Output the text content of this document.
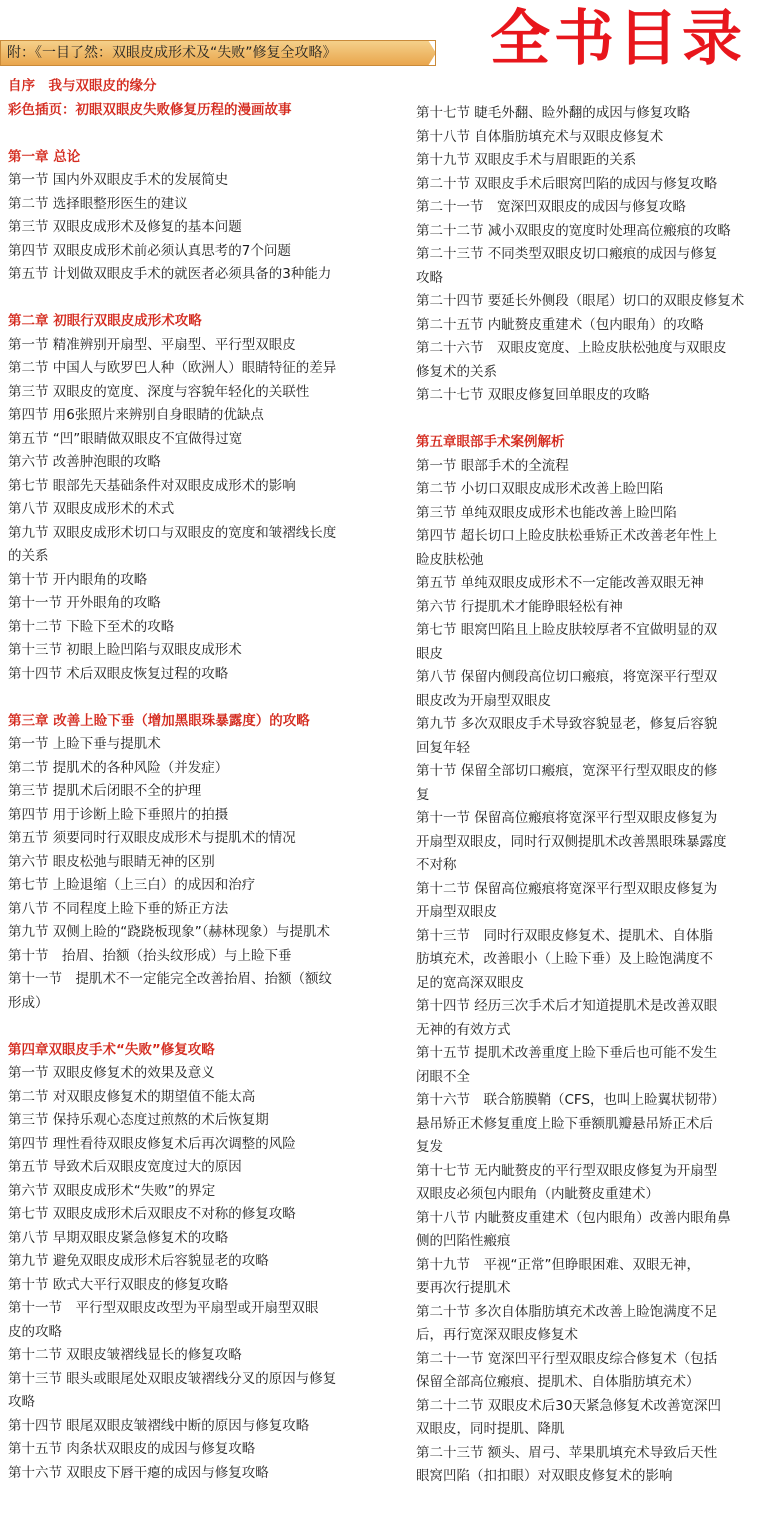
附：《一目了然：双眼皮成形术及“失败”修复全攻略》	全书目录
自序　我与双眼皮的缘分
彩色插页：初眼双眼皮失败修复历程的漫画故事
第一章 总论
第一节 国内外双眼皮手术的发展简史
第二节 选择眼整形医生的建议
第三节 双眼皮成形术及修复的基本问题
第四节 双眼皮成形术前必须认真思考的7个问题
第五节 计划做双眼皮手术的就医者必须具备的3种能力
第二章 初眼行双眼皮成形术攻略
第一节 精准辨别开扇型、平扇型、平行型双眼皮
第二节 中国人与欧罗巴人种（欧洲人）眼睛特征的差异
第三节 双眼皮的宽度、深度与容貌年轻化的关联性
第四节 用6张照片来辨别自身眼睛的优缺点
第五节 “凹”眼睛做双眼皮不宜做得过宽
第六节 改善肿泡眼的攻略
第七节 眼部先天基础条件对双眼皮成形术的影响
第八节 双眼皮成形术的术式
第九节 双眼皮成形术切口与双眼皮的宽度和皱褶线长度
的关系
第十节 开内眼角的攻略
第十一节 开外眼角的攻略
第十二节 下睑下至术的攻略
第十三节 初眼上睑凹陷与双眼皮成形术
第十四节 术后双眼皮恢复过程的攻略
第三章 改善上睑下垂（增加黑眼珠暴露度）的攻略
第一节 上睑下垂与提肌术
第二节 提肌术的各种风险（并发症）
第三节 提肌术后闭眼不全的护理
第四节 用于诊断上睑下垂照片的拍摄
第五节 须要同时行双眼皮成形术与提肌术的情况
第六节 眼皮松弛与眼睛无神的区别
第七节 上睑退缩（上三白）的成因和治疗
第八节 不同程度上睑下垂的矫正方法
第九节 双侧上睑的“跷跷板现象”（赫林现象）与提肌术
第十节　抬眉、抬额（抬头纹形成）与上睑下垂
第十一节　提肌术不一定能完全改善抬眉、抬额（额纹
形成）
第四章双眼皮手术“失败”修复攻略
第一节 双眼皮修复术的效果及意义
第二节 对双眼皮修复术的期望值不能太高
第三节 保持乐观心态度过煎熬的术后恢复期
第四节 理性看待双眼皮修复术后再次调整的风险
第五节 导致术后双眼皮宽度过大的原因
第六节 双眼皮成形术“失败”的界定
第七节 双眼皮成形术后双眼皮不对称的修复攻略
第八节 早期双眼皮紧急修复术的攻略
第九节 避免双眼皮成形术后容貌显老的攻略
第十节 欧式大平行双眼皮的修复攻略
第十一节　平行型双眼皮改型为平扇型或开扇型双眼
皮的攻略
第十二节 双眼皮皱褶线显长的修复攻略
第十三节 眼头或眼尾处双眼皮皱褶线分叉的原因与修复
攻略
第十四节 眼尾双眼皮皱褶线中断的原因与修复攻略
第十五节 肉条状双眼皮的成因与修复攻略
第十六节 双眼皮下唇干瘪的成因与修复攻略
第十七节 睫毛外翻、睑外翻的成因与修复攻略
第十八节 自体脂肪填充术与双眼皮修复术
第十九节 双眼皮手术与眉眼距的关系
第二十节 双眼皮手术后眼窝凹陷的成因与修复攻略
第二十一节　宽深凹双眼皮的成因与修复攻略
第二十二节 减小双眼皮的宽度时处理高位瘢痕的攻略
第二十三节 不同类型双眼皮切口瘢痕的成因与修复
攻略
第二十四节 要延长外侧段（眼尾）切口的双眼皮修复术
第二十五节 内眦赘皮重建术（包内眼角）的攻略
第二十六节　双眼皮宽度、上睑皮肤松弛度与双眼皮
修复术的关系
第二十七节 双眼皮修复回单眼皮的攻略
第五章眼部手术案例解析
第一节 眼部手术的全流程
第二节 小切口双眼皮成形术改善上睑凹陷
第三节 单纯双眼皮成形术也能改善上睑凹陷
第四节 超长切口上睑皮肤松垂矫正术改善老年性上
睑皮肤松弛
第五节 单纯双眼皮成形术不一定能改善双眼无神
第六节 行提肌术才能睁眼轻松有神
第七节 眼窝凹陷且上睑皮肤较厚者不宜做明显的双
眼皮
第八节 保留内侧段高位切口瘢痕，将宽深平行型双
眼皮改为开扇型双眼皮
第九节 多次双眼皮手术导致容貌显老，修复后容貌
回复年轻
第十节 保留全部切口瘢痕，宽深平行型双眼皮的修
复
第十一节 保留高位瘢痕将宽深平行型双眼皮修复为
开扇型双眼皮，同时行双侧提肌术改善黑眼珠暴露度
不对称
第十二节 保留高位瘢痕将宽深平行型双眼皮修复为
开扇型双眼皮
第十三节　同时行双眼皮修复术、提肌术、自体脂
肪填充术，改善眼小（上睑下垂）及上睑饱满度不
足的宽高深双眼皮
第十四节 经历三次手术后才知道提肌术是改善双眼
无神的有效方式
第十五节 提肌术改善重度上睑下垂后也可能不发生
闭眼不全
第十六节　联合筋膜鞘（CFS，也叫上睑翼状韧带）
悬吊矫正术修复重度上睑下垂额肌瓣悬吊矫正术后
复发
第十七节 无内眦赘皮的平行型双眼皮修复为开扇型
双眼皮必须包内眼角（内眦赘皮重建术）
第十八节 内眦赘皮重建术（包内眼角）改善内眼角鼻
侧的凹陷性瘢痕
第十九节　平视“正常”但睁眼困难、双眼无神，
要再次行提肌术
第二十节 多次自体脂肪填充术改善上睑饱满度不足
后，再行宽深双眼皮修复术
第二十一节 宽深凹平行型双眼皮综合修复术（包括
保留全部高位瘢痕、提肌术、自体脂肪填充术）
第二十二节 双眼皮术后30天紧急修复术改善宽深凹
双眼皮，同时提肌、降肌
第二十三节 额头、眉弓、苹果肌填充术导致后天性
眼窝凹陷（扣扣眼）对双眼皮修复术的影响
